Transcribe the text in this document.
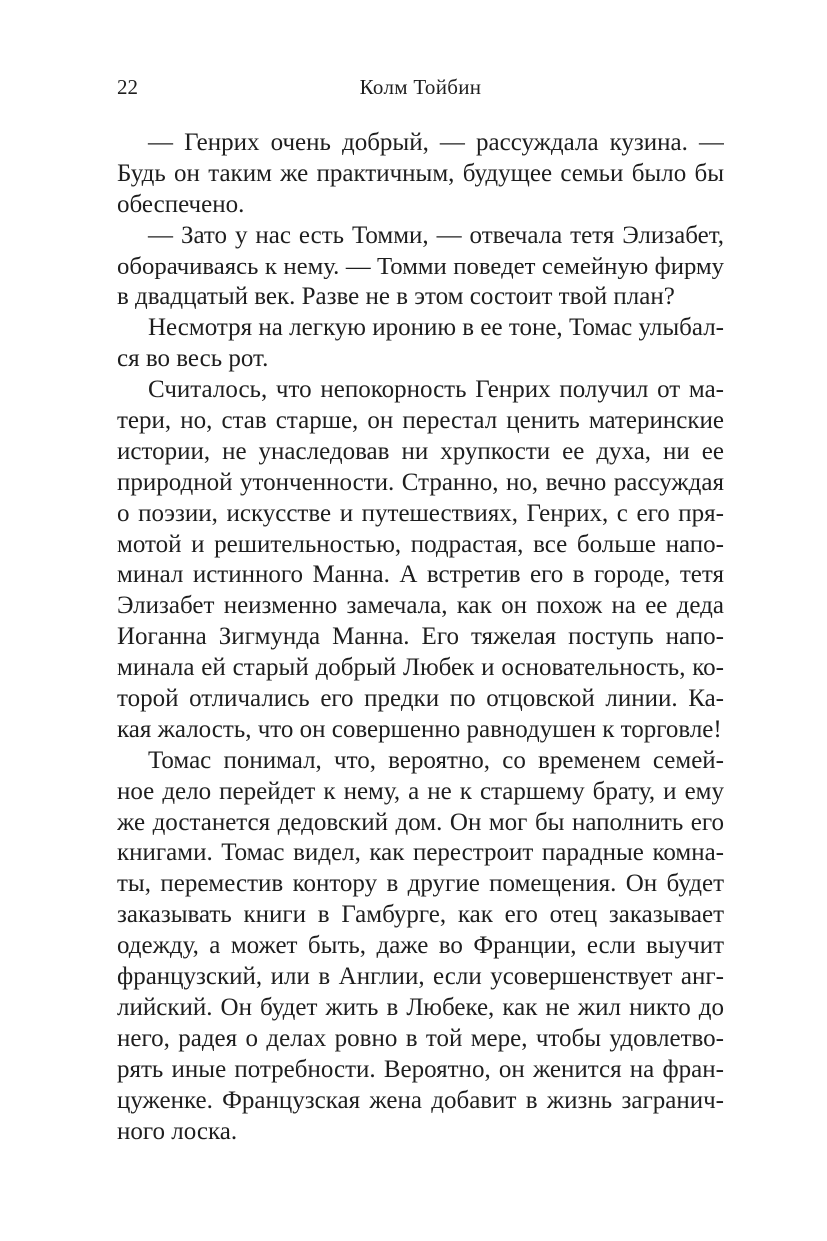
22	Колм Тойбин
— Генрих очень добрый, — рассуждала кузина. —
Будь он таким же практичным, будущее семьи было бы
обеспечено.
— Зато у нас есть Томми, — отвечала тетя Элизабет,
оборачиваясь к нему. — Томми поведет семейную фирму
в двадцатый век. Разве не в этом состоит твой план?
Несмотря на легкую иронию в ее тоне, Томас улыбал-
ся во весь рот.
Считалось, что непокорность Генрих получил от ма-
тери, но, став старше, он перестал ценить материнские
истории, не унаследовав ни хрупкости ее духа, ни ее
природной утонченности. Странно, но, вечно рассуждая
о поэзии, искусстве и путешествиях, Генрих, с его пря-
мотой и решительностью, подрастая, все больше напо-
минал истинного Манна. А встретив его в городе, тетя
Элизабет неизменно замечала, как он похож на ее деда
Иоганна Зигмунда Манна. Его тяжелая поступь напо-
минала ей старый добрый Любек и основательность, ко-
торой отличались его предки по отцовской линии. Ка-
кая жалость, что он совершенно равнодушен к торговле!
Томас понимал, что, вероятно, со временем семей-
ное дело перейдет к нему, а не к старшему брату, и ему
же достанется дедовский дом. Он мог бы наполнить его
книгами. Томас видел, как перестроит парадные комна-
ты, переместив контору в другие помещения. Он будет
заказывать книги в Гамбурге, как его отец заказывает
одежду, а может быть, даже во Франции, если выучит
французский, или в Англии, если усовершенствует анг-
лийский. Он будет жить в Любеке, как не жил никто до
него, радея о делах ровно в той мере, чтобы удовлетво-
рять иные потребности. Вероятно, он женится на фран-
цуженке. Французская жена добавит в жизнь загранич-
ного лоска.
